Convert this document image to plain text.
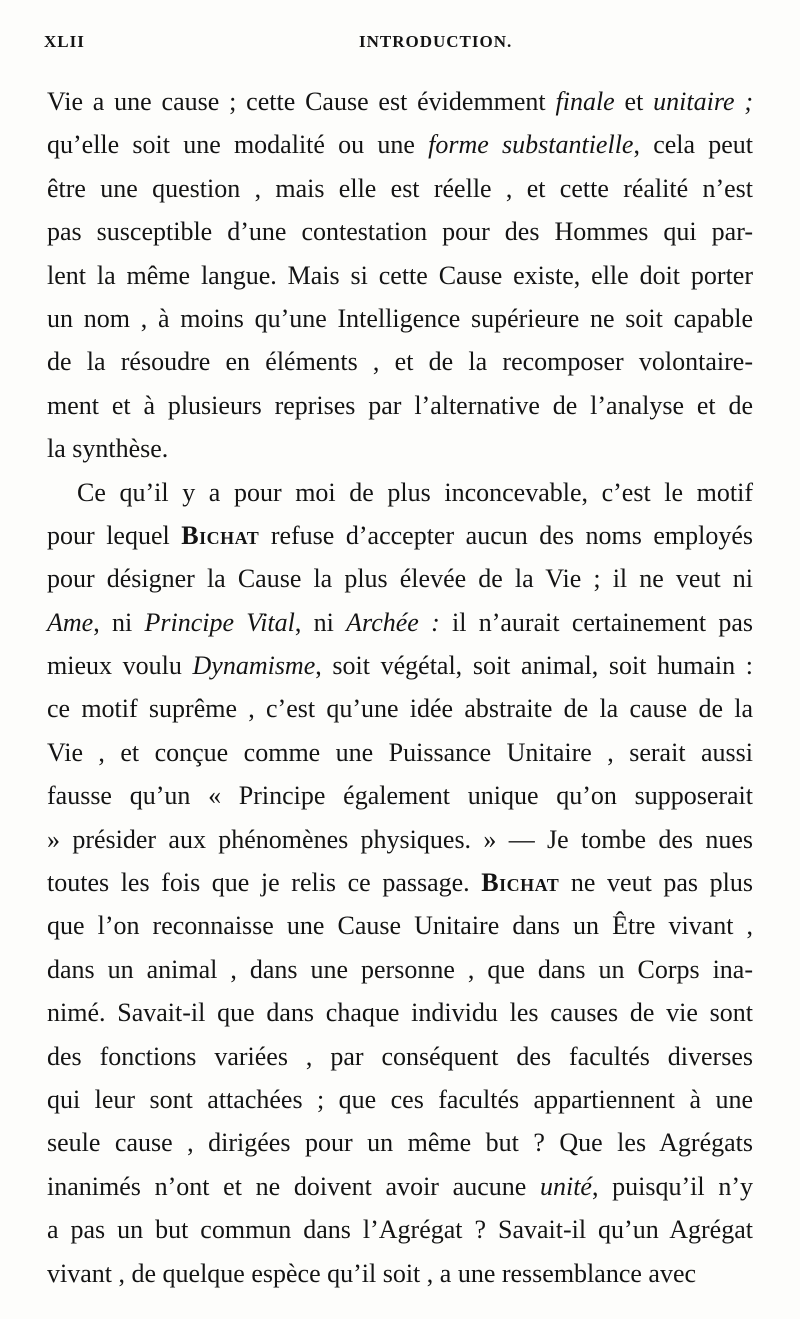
XLII	INTRODUCTION.
Vie a une cause ; cette Cause est évidemment finale et unitaire ;
qu’elle soit une modalité ou une forme substantielle, cela peut
être une question , mais elle est réelle , et cette réalité n’est
pas susceptible d’une contestation pour des Hommes qui par-
lent la même langue. Mais si cette Cause existe, elle doit porter
un nom , à moins qu’une Intelligence supérieure ne soit capable
de la résoudre en éléments , et de la recomposer volontaire-
ment et à plusieurs reprises par l’alternative de l’analyse et de
la synthèse.
Ce qu’il y a pour moi de plus inconcevable, c’est le motif
pour lequel Bichat refuse d’accepter aucun des noms employés
pour désigner la Cause la plus élevée de la Vie ; il ne veut ni
Ame, ni Principe Vital, ni Archée : il n’aurait certainement pas
mieux voulu Dynamisme, soit végétal, soit animal, soit humain :
ce motif suprême , c’est qu’une idée abstraite de la cause de la
Vie , et conçue comme une Puissance Unitaire , serait aussi
fausse qu’un « Principe également unique qu’on supposerait
» présider aux phénomènes physiques. » — Je tombe des nues
toutes les fois que je relis ce passage. Bichat ne veut pas plus
que l’on reconnaisse une Cause Unitaire dans un Être vivant ,
dans un animal , dans une personne , que dans un Corps ina-
nimé. Savait-il que dans chaque individu les causes de vie sont
des fonctions variées , par conséquent des facultés diverses
qui leur sont attachées ; que ces facultés appartiennent à une
seule cause , dirigées pour un même but ? Que les Agrégats
inanimés n’ont et ne doivent avoir aucune unité, puisqu’il n’y
a pas un but commun dans l’Agrégat ? Savait-il qu’un Agrégat
vivant , de quelque espèce qu’il soit , a une ressemblance avec
